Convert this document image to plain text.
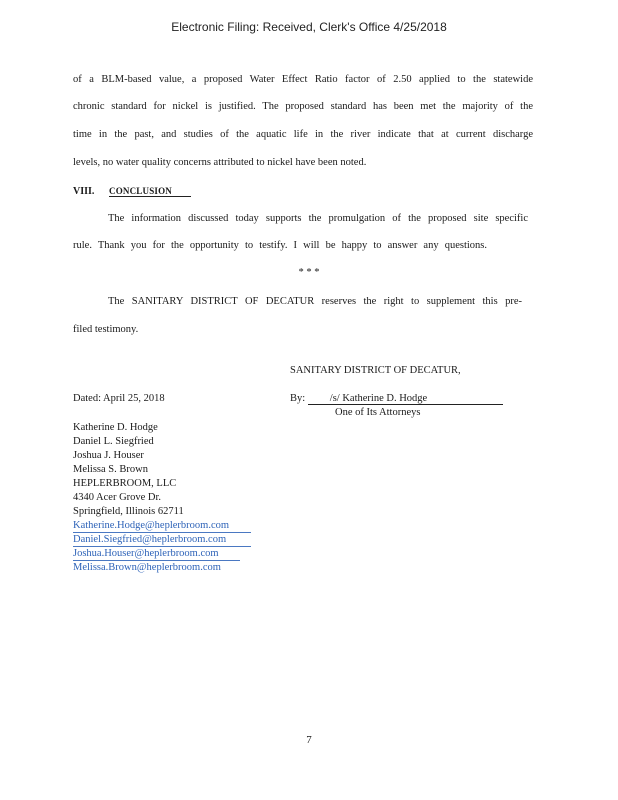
Electronic Filing: Received, Clerk's Office 4/25/2018
of a BLM-based value, a proposed Water Effect Ratio factor of 2.50 applied to the statewide
chronic standard for nickel is justified. The proposed standard has been met the majority of the
time in the past, and studies of the aquatic life in the river indicate that at current discharge
levels, no water quality concerns attributed to nickel have been noted.
VIII. CONCLUSION
The information discussed today supports the promulgation of the proposed site specific
rule. Thank you for the opportunity to testify. I will be happy to answer any questions.
* * *
The SANITARY DISTRICT OF DECATUR reserves the right to supplement this pre-
filed testimony.
SANITARY DISTRICT OF DECATUR,
Dated: April 25, 2018	By: /s/ Katherine D. Hodge
One of Its Attorneys
Katherine D. Hodge
Daniel L. Siegfried
Joshua J. Houser
Melissa S. Brown
HEPLERBROOM, LLC
4340 Acer Grove Dr.
Springfield, Illinois 62711
Katherine.Hodge@heplerbroom.com
Daniel.Siegfried@heplerbroom.com
Joshua.Houser@heplerbroom.com
Melissa.Brown@heplerbroom.com
7
